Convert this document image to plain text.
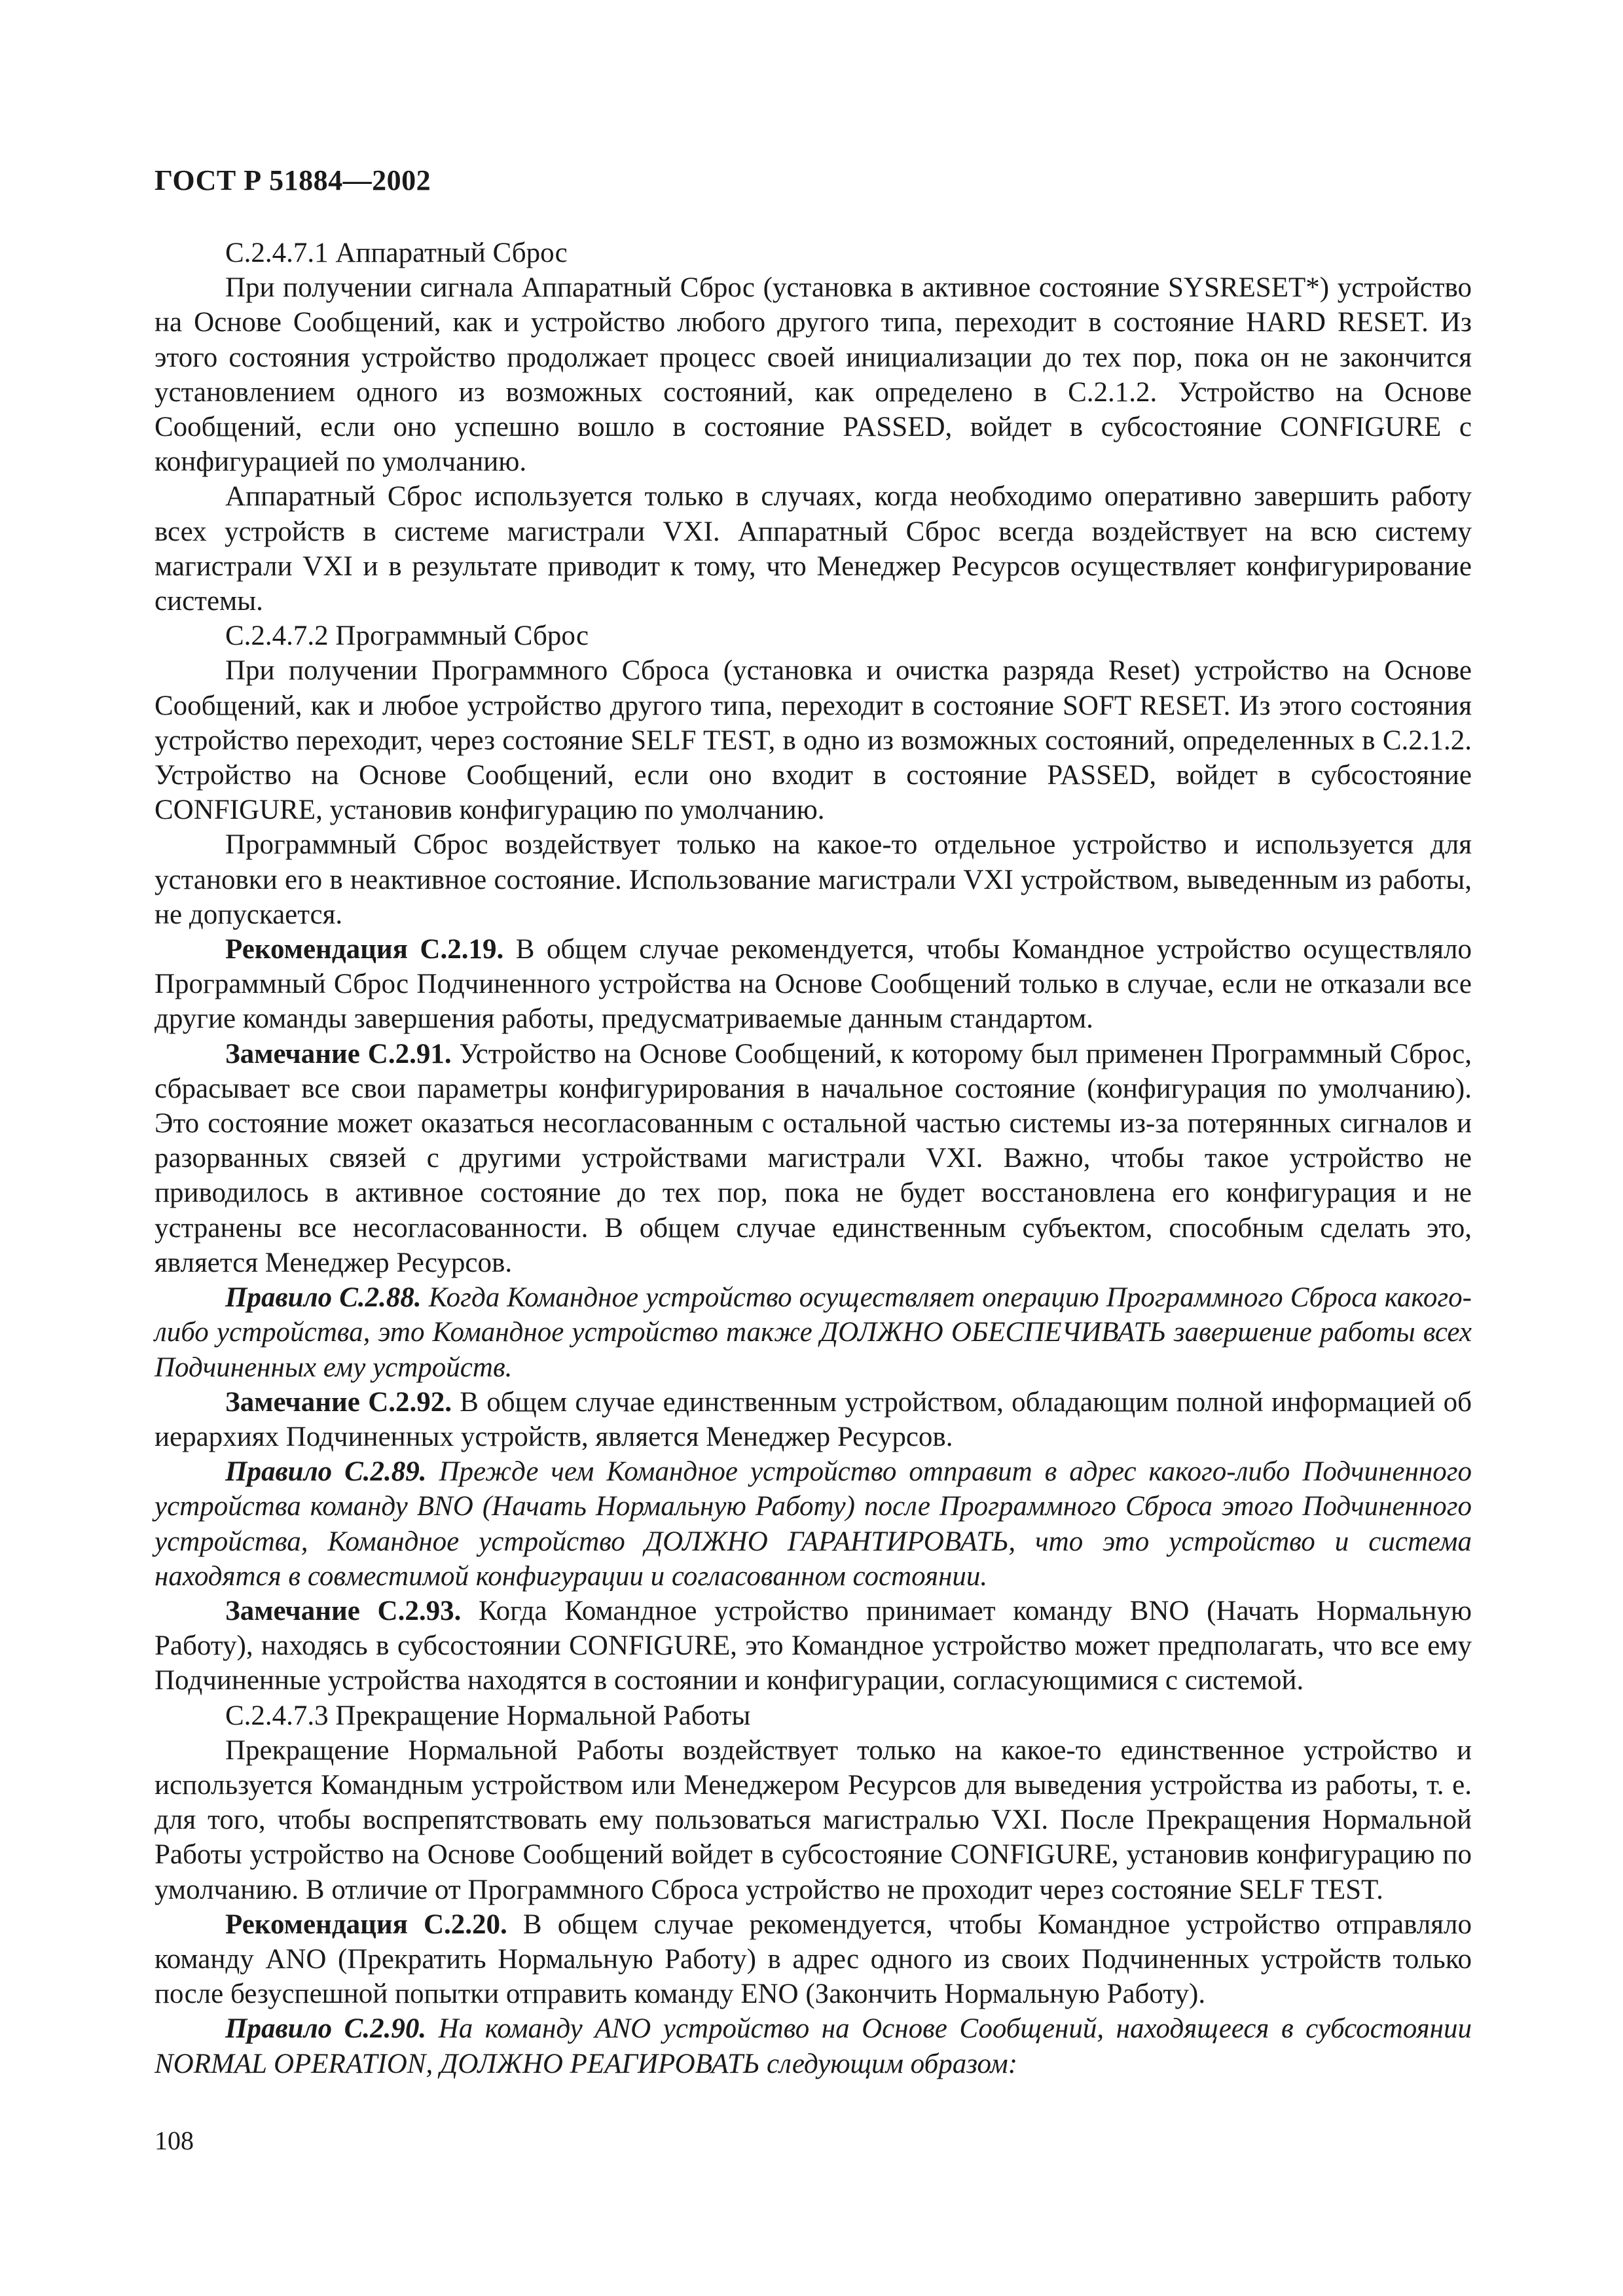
ГОСТ Р 51884—2002

C.2.4.7.1 Аппаратный Сброс

При получении сигнала Аппаратный Сброс (установка в активное состояние SYSRESET*) устройство на Основе Сообщений, как и устройство любого другого типа, переходит в состояние HARD RESET. Из этого состояния устройство продолжает процесс своей инициализации до тех пор, пока он не закончится установлением одного из возможных состояний, как определено в C.2.1.2. Устройство на Основе Сообщений, если оно успешно вошло в состояние PASSED, войдет в субсостояние CONFIGURE с конфигурацией по умолчанию.

Аппаратный Сброс используется только в случаях, когда необходимо оперативно завершить работу всех устройств в системе магистрали VXI. Аппаратный Сброс всегда воздействует на всю систему магистрали VXI и в результате приводит к тому, что Менеджер Ресурсов осуществляет конфигурирование системы.

C.2.4.7.2 Программный Сброс

При получении Программного Сброса (установка и очистка разряда Reset) устройство на Основе Сообщений, как и любое устройство другого типа, переходит в состояние SOFT RESET. Из этого состояния устройство переходит, через состояние SELF TEST, в одно из возможных состояний, определенных в C.2.1.2. Устройство на Основе Сообщений, если оно входит в состояние PASSED, войдет в субсостояние CONFIGURE, установив конфигурацию по умолчанию.

Программный Сброс воздействует только на какое-то отдельное устройство и используется для установки его в неактивное состояние. Использование магистрали VXI устройством, выведенным из работы, не допускается.

Рекомендация С.2.19. В общем случае рекомендуется, чтобы Командное устройство осуществляло Программный Сброс Подчиненного устройства на Основе Сообщений только в случае, если не отказали все другие команды завершения работы, предусматриваемые данным стандартом.

Замечание С.2.91. Устройство на Основе Сообщений, к которому был применен Программный Сброс, сбрасывает все свои параметры конфигурирования в начальное состояние (конфигурация по умолчанию). Это состояние может оказаться несогласованным с остальной частью системы из-за потерянных сигналов и разорванных связей с другими устройствами магистрали VXI. Важно, чтобы такое устройство не приводилось в активное состояние до тех пор, пока не будет восстановлена его конфигурация и не устранены все несогласованности. В общем случае единственным субъектом, способным сделать это, является Менеджер Ресурсов.

Правило С.2.88. Когда Командное устройство осуществляет операцию Программного Сброса какого-либо устройства, это Командное устройство также ДОЛЖНО ОБЕСПЕЧИВАТЬ завершение работы всех Подчиненных ему устройств.

Замечание С.2.92. В общем случае единственным устройством, обладающим полной информацией об иерархиях Подчиненных устройств, является Менеджер Ресурсов.

Правило С.2.89. Прежде чем Командное устройство отправит в адрес какого-либо Подчиненного устройства команду BNO (Начать Нормальную Работу) после Программного Сброса этого Подчиненного устройства, Командное устройство ДОЛЖНО ГАРАНТИРОВАТЬ, что это устройство и система находятся в совместимой конфигурации и согласованном состоянии.

Замечание С.2.93. Когда Командное устройство принимает команду BNO (Начать Нормальную Работу), находясь в субсостоянии CONFIGURE, это Командное устройство может предполагать, что все ему Подчиненные устройства находятся в состоянии и конфигурации, согласующимися с системой.

C.2.4.7.3 Прекращение Нормальной Работы

Прекращение Нормальной Работы воздействует только на какое-то единственное устройство и используется Командным устройством или Менеджером Ресурсов для выведения устройства из работы, т. е. для того, чтобы воспрепятствовать ему пользоваться магистралью VXI. После Прекращения Нормальной Работы устройство на Основе Сообщений войдет в субсостояние CONFIGURE, установив конфигурацию по умолчанию. В отличие от Программного Сброса устройство не проходит через состояние SELF TEST.

Рекомендация С.2.20. В общем случае рекомендуется, чтобы Командное устройство отправляло команду ANO (Прекратить Нормальную Работу) в адрес одного из своих Подчиненных устройств только после безуспешной попытки отправить команду ENO (Закончить Нормальную Работу).

Правило С.2.90. На команду ANO устройство на Основе Сообщений, находящееся в субсостоянии NORMAL OPERATION, ДОЛЖНО РЕАГИРОВАТЬ следующим образом:

108
